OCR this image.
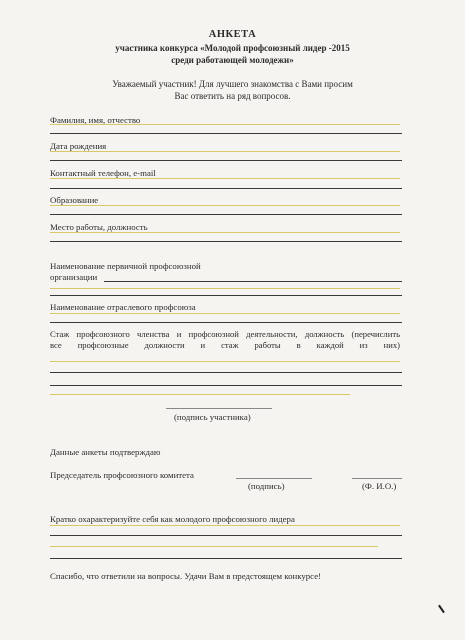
АНКЕТА
участника конкурса «Молодой профсоюзный лидер -2015
среди работающей молодежи»
Уважаемый участник! Для лучшего знакомства с Вами просим
Вас ответить на ряд вопросов.
Фамилия, имя, отчество
Дата рождения
Контактный телефон, e-mail
Образование
Место работы, должность
Наименование первичной профсоюзной
организации
Наименование отраслевого профсоюза
Стаж профсоюзного членства и профсоюзной деятельности, должность (перечислить
все профсоюзные должности и стаж работы в каждой из них)
(подпись участника)
Данные анкеты подтверждаю
Председатель профсоюзного комитета
(подпись)	(Ф. И.О.)
Кратко охарактеризуйте себя как молодого профсоюзного лидера
Спасибо, что ответили на вопросы. Удачи Вам в предстоящем конкурсе!
